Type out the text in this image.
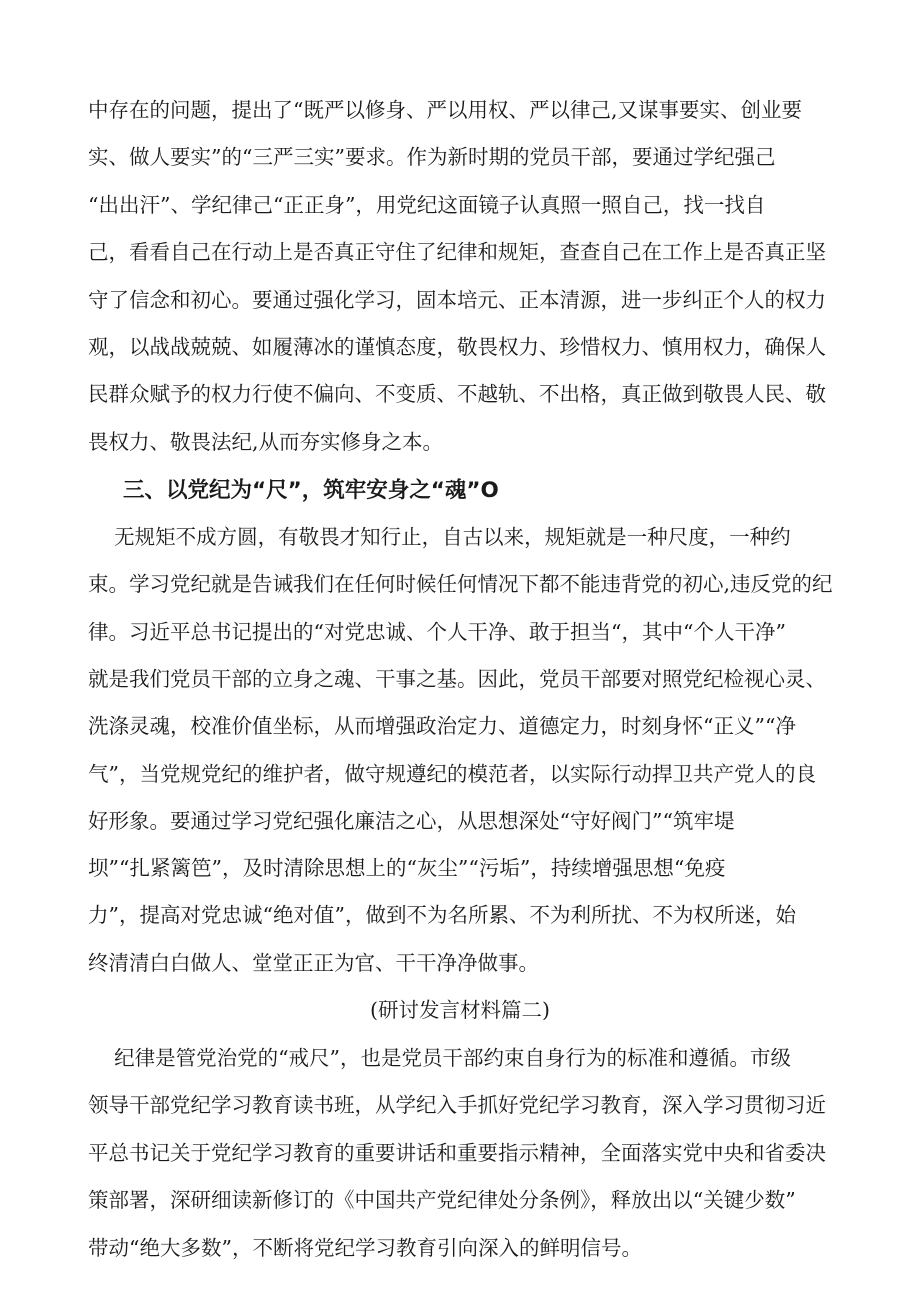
中存在的问题，提出了“既严以修身、严以用权、严以律己,又谋事要实、创业要
实、做人要实”的“三严三实”要求。作为新时期的党员干部，要通过学纪强己
“出出汗”、学纪律己“正正身”，用党纪这面镜子认真照一照自己，找一找自
己，看看自己在行动上是否真正守住了纪律和规矩，查查自己在工作上是否真正坚
守了信念和初心。要通过强化学习，固本培元、正本清源，进一步纠正个人的权力
观，以战战兢兢、如履薄冰的谨慎态度，敬畏权力、珍惜权力、慎用权力，确保人
民群众赋予的权力行使不偏向、不变质、不越轨、不出格，真正做到敬畏人民、敬
畏权力、敬畏法纪,从而夯实修身之本。
三、以党纪为“尺”，筑牢安身之“魂”O
无规矩不成方圆，有敬畏才知行止，自古以来，规矩就是一种尺度，一种约
束。学习党纪就是告诫我们在任何时候任何情况下都不能违背党的初心,违反党的纪
律。习近平总书记提出的“对党忠诚、个人干净、敢于担当“，其中“个人干净”
就是我们党员干部的立身之魂、干事之基。因此，党员干部要对照党纪检视心灵、
洗涤灵魂，校准价值坐标，从而增强政治定力、道德定力，时刻身怀“正义”“净
气”，当党规党纪的维护者，做守规遵纪的模范者，以实际行动捍卫共产党人的良
好形象。要通过学习党纪强化廉洁之心，从思想深处“守好阀门”“筑牢堤
坝”“扎紧篱笆”，及时清除思想上的“灰尘”“污垢”，持续增强思想“免疫
力”，提高对党忠诚“绝对值”，做到不为名所累、不为利所扰、不为权所迷，始
终清清白白做人、堂堂正正为官、干干净净做事。
(研讨发言材料篇二)
纪律是管党治党的“戒尺”，也是党员干部约束自身行为的标准和遵循。市级
领导干部党纪学习教育读书班，从学纪入手抓好党纪学习教育，深入学习贯彻习近
平总书记关于党纪学习教育的重要讲话和重要指示精神，全面落实党中央和省委决
策部署，深研细读新修订的《中国共产党纪律处分条例》，释放出以“关键少数”
带动“绝大多数”，不断将党纪学习教育引向深入的鲜明信号。
